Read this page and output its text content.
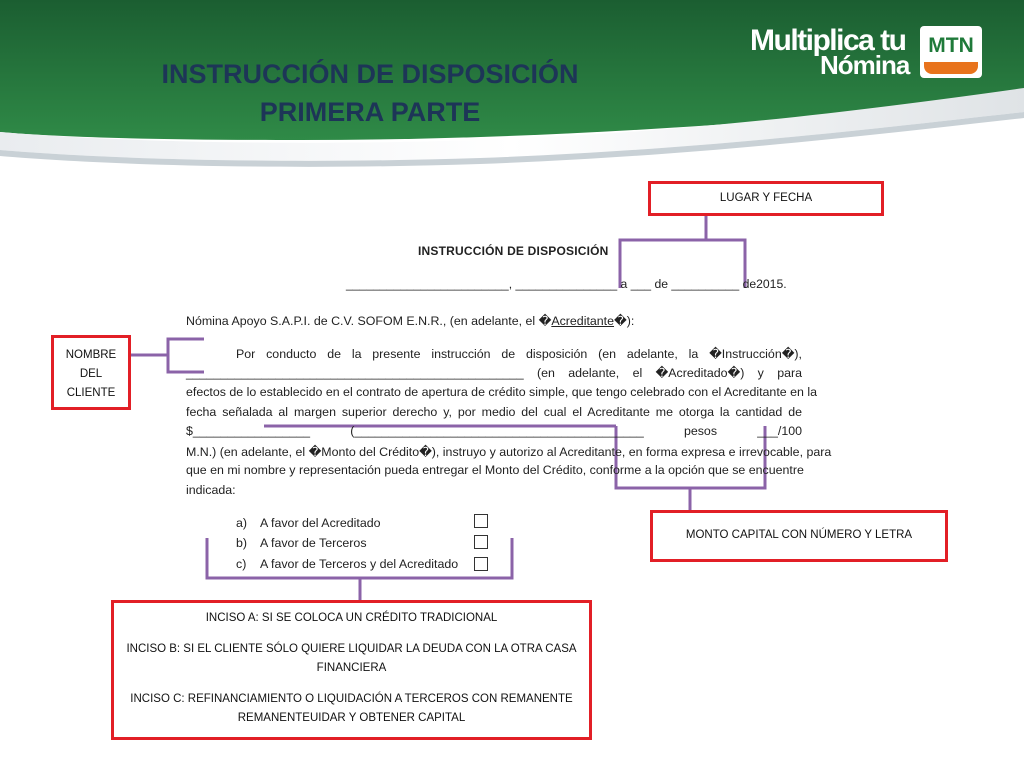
INSTRUCCIÓN DE DISPOSICIÓN
PRIMERA PARTE
Multiplica tu
Nómina
MTN
LUGAR Y FECHA
NOMBRE
DEL
CLIENTE
MONTO CAPITAL CON NÚMERO Y LETRA
INCISO A: SI SE COLOCA UN CRÉDITO TRADICIONAL
INCISO B: SI EL CLIENTE SÓLO QUIERE LIQUIDAR LA DEUDA CON LA OTRA CASA FINANCIERA
INCISO C: REFINANCIAMIENTO O LIQUIDACIÓN A TERCEROS CON REMANENTE REMANENTEUIDAR Y OBTENER CAPITAL
INSTRUCCIÓN DE DISPOSICIÓN
________________________, _______________ a ___ de __________ de2015.
Nómina Apoyo S.A.P.I. de C.V. SOFOM E.N.R., (en adelante, el �Acreditante�):
Por conducto de la presente instrucción de disposición (en adelante, la �Instrucción�),
_________________________________________________ (en adelante, el �Acreditado�) y para
efectos de lo establecido en el contrato de apertura de crédito simple, que tengo celebrado con el Acreditante en la
fecha señalada al margen superior derecho y, por medio del cual el Acreditante me otorga la cantidad de
$_________________ (__________________________________________ pesos ___/100
M.N.) (en adelante, el �Monto del Crédito�), instruyo y autorizo al Acreditante, en forma expresa e irrevocable, para
que en mi nombre y representación pueda entregar el Monto del Crédito, conforme a la opción que se encuentre
indicada:
a) A favor del Acreditado
b) A favor de Terceros
c) A favor de Terceros y del Acreditado
